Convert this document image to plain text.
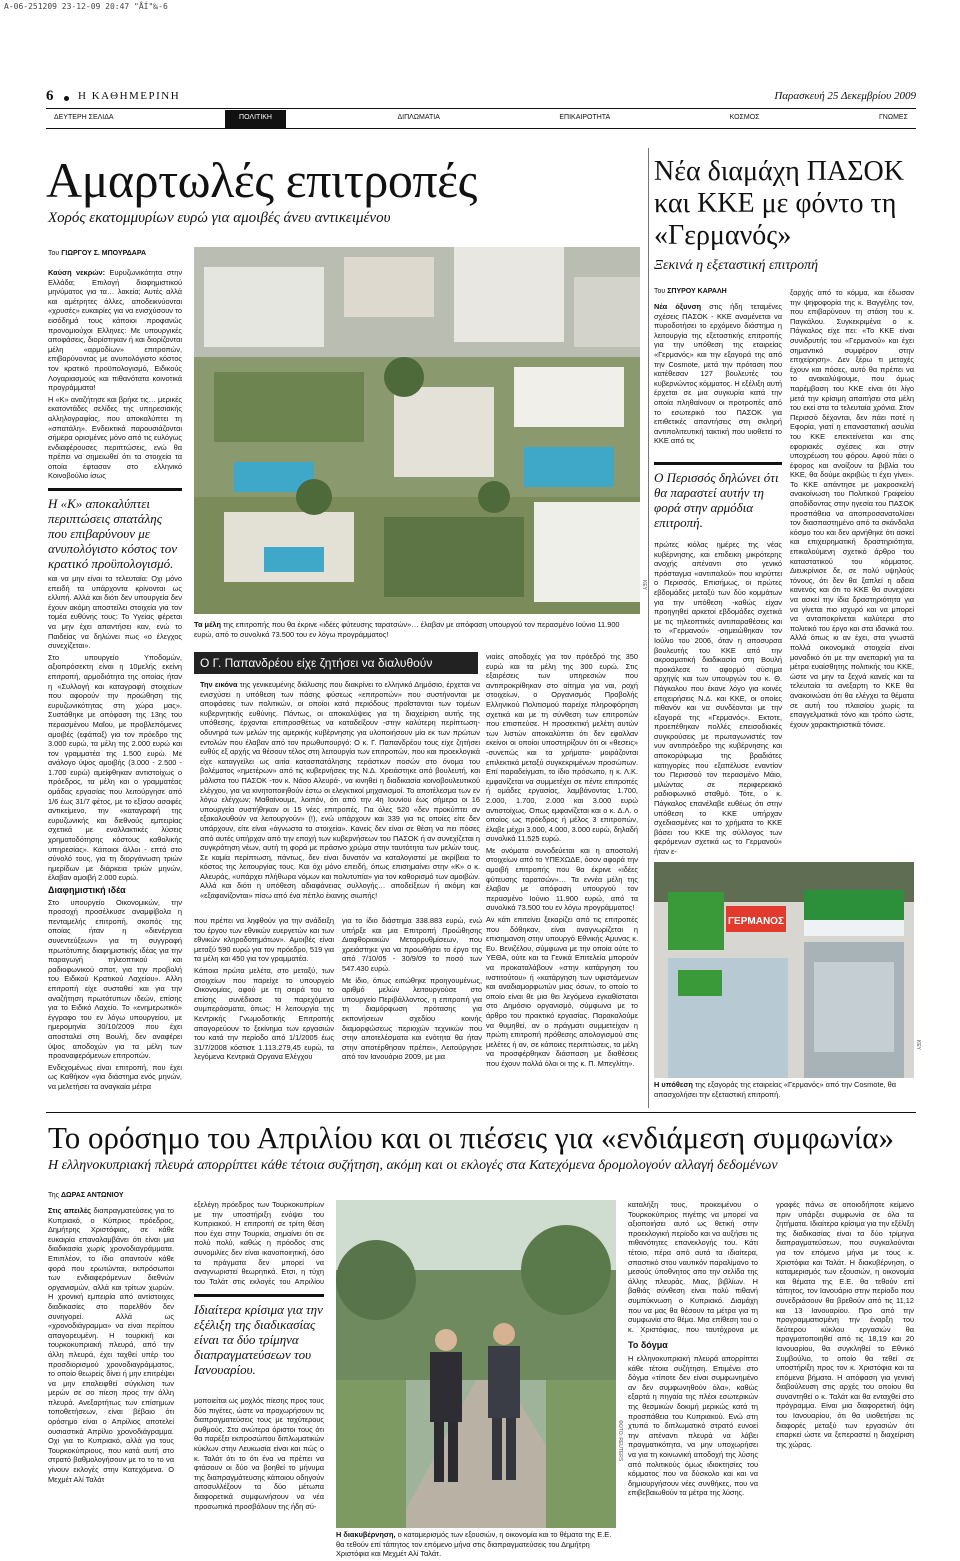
A-06-251209 23-12-09 20:47 "ÅÍ"‰-6
6 Η ΚΑΘΗΜΕΡΙΝΗ	Παρασκευή 25 Δεκεμβρίου 2009
ΔΕΥΤΕΡΗ ΣΕΛΙΔΑ	ΠΟΛΙΤΙΚΗ	ΔΙΠΛΩΜΑΤΙΑ	ΕΠΙΚΑΙΡΟΤΗΤΑ	ΚΟΣΜΟΣ	ΓΝΩΜΕΣ
Αμαρτωλές επιτροπές
Χορός εκατομμυρίων ευρώ για αμοιβές άνευ αντικειμένου
Του ΓΙΩΡΓΟΥ Σ. ΜΠΟΥΡΔΑΡΑ
Καύση νεκρών: Ευρυζωνικότητα στην Ελλάδα; Επιλογή διαφημιστικού μηνύματος για τα… λακεία; Αυτές αλλά και αμέτρητες άλλες, αποδεικνύονται «χρυσές» ευκαιρίες για να ενισχύσουν το εισόδημά τους κάποιοι προφανώς προνομιούχοι Ελληνες: Με υπουργικές αποφάσεις, διορίστηκαν ή και διορίζονται μέλη «αρμοδίων» επιτροπών, επιβαρύνοντας με ανυπολόγιστο κόστος τον κρατικό προϋπολογισμό, Ειδικούς Λογαριασμούς και πιθανότατα κοινοτικά προγράμματα!
Η «Κ» αναζήτησε και βρήκε τις… μερικές εκατοντάδες σελίδες της υπηρεσιακής αλληλογραφίας, που αποκαλύπτει τη «σπατάλη». Ενδεικτικά παρουσιάζονται σήμερα ορισμένες μόνο από τις ευλόγως ενδιαφέρουσες περιπτώσεις, ενώ θα πρέπει να σημειωθεί ότι τα στοιχεία τα οποία έφτασαν στο ελληνικό Κοινοβούλιο ίσως
Η «Κ» αποκαλύπτει περιπτώσεις σπατάλης που επιβαρύνουν με ανυπολόγιστο κόστος τον κρατικό προϋπολογισμό.
και να μην είναι τα τελευταία: Οχι μόνο επειδή τα υπάρχοντα κρίνονται ως ελλιπή. Αλλά και διότι δεν υπουργεία δεν έχουν ακόμη αποστείλει στοιχεία για τον τομέα ευθύνης τους: Το Υγείας φέρεται να μην έχει απαντήσει καν, ενώ το Παιδείας να δηλώνει πως «ο έλεγχος συνεχίζεται».
Στο υπουργείο Υποδομών, αξιοπρόσεκτη είναι η 10μελής εκείνη επιτροπή, αρμοδιότητα της οποίας ήταν η «Συλλογή και καταγραφή στοιχείων που αφορούν την προώθηση της ευρυζωνικότητας στη χώρα μας». Συστάθηκε με απόφαση της 13ης του περασμένου Μαΐου, με προβλεπόμενες αμοιβές (εφάπαξ) για τον πρόεδρο της 3.000 ευρώ, τα μέλη της 2.000 ευρώ και τον γραμματέα της 1.500 ευρώ. Με ανάλογο ύψος αμοιβής (3.000 - 2.500 - 1.700 ευρώ) αμείφθηκαν αντιστοίχως ο πρόεδρος, τα μέλη και ο γραμματέας ομάδας εργασίας που λειτούργησε από 1/6 έως 31/7 φέτος, με το εξίσου ασαφές αντικείμενο, την «καταγραφή της ευρυζωνικής και διεθνούς εμπειρίας σχετικά με εναλλακτικές λύσεις χρηματοδότησης κόστους καθολικής υπηρεσίας». Κάποιοι άλλοι - επτά στο σύνολό τους, για τη διοργάνωση τριών ημερίδων με διάρκεια τριών μηνών, έλαβαν αμοιβή 2.000 ευρώ.
Διαφημιστική ιδέα
Στο υπουργείο Οικονομικών, την προσοχή προσέλκυσε αναμφίβολα η πενταμελής επιτροπή, σκοπός της οποίας ήταν η «διενέργεια συνεντεύξεων» για τη συγγραφή πρωτότυπης διαφημιστικής ιδέας για την παραγωγή τηλεοπτικού και ραδιοφωνικού σποτ, για την προβολή του Ειδικού Κρατικού Λαχείου». Αλλη επιτροπή είχε συσταθεί και για την αναζήτηση πρωτότυπων ιδεών, επίσης για το Ειδικό Λαχείο. Το «ενημερωτικό» έγγραφο του εν λόγω υπουργείου, με ημερομηνία 30/10/2009 που έχει αποσταλεί στη Βουλή, δεν αναφέρει ύψος αποδοχών για τα μέλη των προαναφερόμενων επιτροπών.
Ενδεχομένως είναι επιτροπή, που έχει ως Καθήκον «για διάστημα ενός μηνών, να μελετήσει τα αναγκαία μέτρα
KEY
Τα μέλη της επιτροπής που θα έκρινε «ιδέες φύτευσης ταρατσών»… έλαβαν με απόφαση υπουργού τον περασμένο Ιούνιο 11.900 ευρώ, από το συνολικά 73.500 του εν λόγω προγράμματος!
Ο Γ. Παπανδρέου είχε ζητήσει να διαλυθούν
Την εικόνα της γενικευμένης διάλυσης που διακρίνει το ελληνικό Δημόσιο, έρχεται να ενισχύσει η υπόθεση των πάσης φύσεως «επιτροπών» που συστήνονται με αποφάσεις των πολιτικών, οι οποίοι κατά περιόδους προΐστανται των τομέων κυβερνητικής ευθύνης. Πάντως, οι αποκαλύψεις για τη διαχείριση αυτής της υπόθεσης, έρχονται επιπροσθέτως να καταδείξουν -στην καλύτερη περίπτωση- οδυνηρά των μελών της αμερικής κυβέρνησης για υλοποιήσουν μία εκ των πρώτων εντολών που έλαβαν από τον πρωθυπουργό: Ο κ. Γ. Παπανδρέου τους είχε ζητήσει ευθύς εξ αρχής να θέσουν τέλος στη λειτουργία των επιτροπών, που και προεκλογικά είχε καταγγείλει ως αιτία κατασπατάλησης τεράστιων ποσών στο όνομα του βολέματος «ημετέρων» από τις κυβερνήσεις της Ν.Δ. Χρειάστηκε από βουλευτή, και μάλιστα του ΠΑΣΟΚ -τον κ. Νάσο Αλευρά-, να κινηθεί η διαδικασία κοινοβουλευτικού ελέγχου, για να κινητοποιηθούν έστω οι ελεγκτικοί μηχανισμοί. Το αποτέλεσμα των εν λόγω ελέγχων; Μαθαίνουμε, λοιπόν, ότι από την 4η Ιουνίου έως σήμερα οι 16 υπουργεία συστήθηκαν οι 15 νέες επιτροπές. Για όλες 520 «δεν προκύπτει αν εξακολουθούν να λειτουργούν» (!), ενώ υπάρχουν και 339 για τις οποίες είτε δεν υπάρχουν, είτε είναι «άγνωστα τα στοιχεία». Κανείς δεν είναι σε θέση να πει πόσες από αυτές υπήρχαν από την εποχή των κυβερνήσεων του ΠΑΣΟΚ ή αν συνεχίζεται η συγκρότηση νέων, αυτή τη φορά με πράσινο χρώμα στην ταυτότητα των μελών τους. Σε καμία περίπτωση, πάντως, δεν είναι δυνατόν να καταλογιστεί με ακρίβεια το κόστος της λειτουργίας τους. Και όχι μόνο επειδή, όπως επισημαίνει στην «Κ» ο κ. Αλευράς, «υπάρχει πλήθωρα νόμων και πολυτυπία» για τον καθορισμό των αμοιβών. Αλλά και διότι η υπόθεση αδιαφάνειας συλλογής… αποδείξεων ή ακόμη και «εξαφανίζονται» πίσω από ένα πέπλο έκανης σιωπής!
που πρέπει να ληφθούν για την ανάδειξη του έργου των εθνικών ευεργετών και των εθνικών κληροδοτημάτων». Αμοιβές είναι μεταξύ 590 ευρώ για τον πρόεδρο, 519 για τα μέλη και 450 για τον γραμματέα.
Κάποια πρώτα μελέτα, στο μεταξύ, των στοιχείων που παρείχε το υπουργείο Οικονομίας, αφού με τη σειρά του το επίσης συνέδιασε τα παρεχόμενα συμπεράσματα, όπως: Η λειτουργία της Κεντρικής Γνωμοδοτικής Επιτροπής απαγορεύουν το ξεκίνημα των εργασιών του κατά την περίοδο από 1/1/2005 έως 31/7/2008 κόστισε 1.113.279,45 ευρώ, τα λεγόμενα Κεντρικά Οργανα Ελέγχου
για το ίδιο διάστημα 338.883 ευρώ, ενώ υπήρξε και μια Επιτροπή Προώθησης Διαφθοριακών Μεταρρυθμίσεων, που χρειάστηκε για να προωθήσει το έργο της από 7/10/05 - 30/9/09 το ποσό των 547.430 ευρώ.
Με ίδιο, όπως ειπώθηκε προηγουμένως, αριθμό μελών λειτουργούσε στο υπουργείο Περιβάλλοντος, η επιτροπή για τη διαμόρφωση πρότασης για εκπονήσεων σχεδίου κοινής διαμορφώσεως περιοχών τεχνικών που στην αποτελέσματα και ενότητα θα ήταν στην αποτέρθησαν πρέπει», Λειτούργησε από τον Ιανουάριο 2009, με μια
νιαίες αποδοχές για τον πρόεδρό της 350 ευρώ και τα μέλη της 300 ευρώ. Στις εξαιρέσεις των υπηρεσιών που αντιπροκρίθηκαν στο αίτημα για ναι, ροχή στοιχείων, ο Οργανισμός Προβολής Ελληνικού Πολιτισμού παρείχε πληροφόρηση σχετικά και με τη σύνθεση των επιτροπών που επισπεύσε. Η προσεκτική μελέτη αυτών των λιστών αποκαλύπτει ότι δεν εφαλλαν εκείνοι οι οποίοι υποστηρίζουν ότι οι «θεσεις» -συνεπώς και τα χρήματα- μοιράζονται επιλεκτικά μεταξύ συγκεκριμένων προσώπων. Επί παραδείγματι, το ίδιο πρόσωπο, η κ. Λ.Κ. εμφανίζεται να συμμετέχει σε πέντε επιτροπές ή ομάδες εργασίας, λαμβάνοντας 1.700, 2.000, 1.700, 2.000 και 3.000 ευρώ αντιστοίχως. Οπως εμφανίζεται και ο κ. Δ.Λ. ο οποίος ως πρόεδρος ή μέλος 3 επιτροπών, έλαβε μέχρι 3.000, 4.000, 3.000 ευρώ, δηλαδή συνολικά 11.525 ευρώ.
Με ονόματα συνοδεύεται και η αποστολή στοιχείων από το ΥΠΕΧΩΔΕ, όσον αφορά την αμοιβή επιτροπής που θα έκρινε «ιδέες φύτευσης ταρατσών»… Τα εννέα μέλη της έλαβαν με απόφαση υπουργού τον περασμένο Ιούνιο 11.900 ευρώ, από τα συνολικά 73.500 του εν λόγω προγράμματος!
Αν κάτι επιτείνει ξεκαρίζει από τις επιτροπές που δόθηκαν, είναι αναγνωρίζεται η επισημανση στην υπουργό Εθνικής Αμυνας κ. Ευ. Βενιζέλου, σύμφωνα με την οποία ούτε το ΥΕΘΑ, ούτε και τα Γενικά Επιτελεία μπορούν να προκαταλάβουν «στην κατάργηση του ινστιτούτου» ή «κατάργηση των υφιστάμενων και αναδιαμορφωτών μιας όσων, το οποίο το οποίο είναι θε μια θει λεγόμενα εγκαθίσταται στο Δημόσιο οργανισμό, σύμφωνα με το άρθρο του πρακτικό εργασίας. Παρακαλούμε να θυμηθεί, αν ο πράγματι συμμετείχαν η πρώτη επιτροπή πρόθεσης απολογισμού στις μελέτες ή αν, σε κάποιες περιπτώσεις, τα μέλη να προσφέρθηκαν διάσπαση με διαθέσεις που έχουν πολλά όλοι οι της κ. Π. Μπεγλίτη».
Νέα διαμάχη ΠΑΣΟΚ και ΚΚΕ με φόντο τη «Γερμανός»
Ξεκινά η εξεταστική επιτροπή
Του ΣΠΥΡΟΥ ΚΑΡΑΛΗ
Νέα όξυνση στις ήδη τεταμένες σχέσεις ΠΑΣΟΚ - ΚΚΕ αναμένεται να πυροδοτήσει το ερχόμενο διάστημα η λειτουργία της εξεταστικής επιτροπής για την υπόθεση της εταιρείας «Γερμανός» και την εξαγορά της από την Cosmote, μετά την πρόταση που κατέθεσαν 127 βουλευτές του κυβερνώντος κόμματος. Η εξέλιξη αυτή έρχεται σε μια συγκυρία κατά την οποία πληθαίνουν οι προτροπές από το εσωτερικό του ΠΑΣΟΚ για επιθετικές απαντήσεις στη σκληρή αντιπολιτευτική τακτική που υιοθετεί το ΚΚΕ από τις
Ο Περισσός δηλώνει ότι θα παραστεί αυτήν τη φορά στην αρμόδια επιτροπή.
πρώτες κιόλας ημέρες της νέας κυβέρνησης, και επιδεικη μικρότερης ανοχής απέναντι στο γενικό πρόσταγμα «αντιπαλού» που κηρύττει ο Περισσός. Επισήμως, οι πρώτες εβδομάδες μεταξύ των δύο κομμάτων για την υπόθεση -καθώς είχαν προηγηθεί αρκετοί εβδομάδες σχετικά με τις τηλεοπτικές αντιπαραθέσεις και το «Γερμανού» -σημειώθηκαν τον Ιούλιο του 2006, όταν η αποσυρσα βουλευτής του ΚΚΕ από την ακροαματική διαδικασία στη Βουλή προκάλεσε το αφορμό σύσημα αρχηγίς και των υπουργών του κ. Θ. Πάγκαλου που έκανε λόγο για κοινές επιχειρήσεις Ν.Δ. και ΚΚΕ, οι οποίες πιθανόν και να συνδέονται με την εξαγορά της «Γερμανός». Εκτοτε, προεπέθηκαν πολλές επεισοδιακές συγκρούσεις με πρωταγωνιστές τον νυν αντιπρόεδρο της κυβέρνησης και αποκορύφωμα της βραδιάτες κατηγορίες που εξαπέλυσε εναντίον του Περισσού τον περασμένο Μάιο, μιλώντας σε περιφερειακό ραδιοφωνικό σταθμό. Τότε, ο κ. Πάγκαλος επανέλαβε ευθέως ότι στην υπόθεση το ΚΚΕ υπήρχαν σχεδιασμένες και το χρήματα το ΚΚΕ βάσει του ΚΚΕ της σύλλογος των φερόμενων σχετικά ως το Γερμανού» ήταν ε-
ξαρχής από το κόμμα, και έδωσαν την ψηφοφορία της κ. Βαγγέλης τον, που επιβαρύνουν τη στάση του κ. Παγκάλου. Συγκεκριμένα ο κ. Πάγκαλος είχε πει: «Το ΚΚΕ είναι συνιδρυτής του «Γερμανού» και έχει σημαντικό συμφέρον στην επιχείρηση». Δεν ξέρω τι μετοχές έχουν και πόσες, αυτό θα πρέπει να το ανακαλύψουμε, που όμως παρέμβαση του ΚΚΕ είναι ότι λίγο μετά την κρίσιμη απαιτήσει στα μέλη του εκεί στα τα τελευταία χρόνια. Στον Περισσό δέχονται, δεν πάει ποτέ η Εφορία, γιατί η επαναστατική ασυλία του ΚΚΕ επεκτείνεται και στις εφοριακές σχέσεις και στην υποχρέωση του φόρου. Αφού πάει ο έφορος και ανοίξουν τα βιβλία του ΚΚΕ, θα δούμε ακριβώς τι έχει γίνει». Το ΚΚΕ απάντησε με μακροσκελή ανακοίνωση του Πολιτικού Γραφείου αποδίδοντας στην ηγεσία του ΠΑΣΟΚ προσπάθεια να αποπροσανατολίσει τον διασπαστημένο από τα σκάνδαλα κόσμο του και δεν αρνήθηκε ότι ασκεί και επιχειρηματική δραστηριότητα, επικαλούμενη σχετικό άρθρο του καταστατικού του κόμματος. Διευκρίνισε δε, σε πολύ υψηλούς τόνους, ότι δεν θα ξαπλεί η αδεια κανενός και ότι το ΚΚΕ θα συνεχίσει να ασκεί την ίδια δραστηριότητα για να γίνεται πιο ισχυρό και να μπορεί να ανταποκρίνεται καλύτερα στο πολιτικό του έργο και στα ιδανικά του. Αλλά όπως κι αν έχει, στα γνωστά πολλά οικονομικά στοιχεία είναι μοναδικό ότι με την ανεπαρκή για τα μέτρα ευαίσθητης πολιτικής του ΚΚΕ, ώστε να μην τα ξεχνά κανείς και τα τελευταία τα ανεξαρτη το ΚΚΕ θα ανακοινώσει ότι θα ελέγχει τα θέματα σε αυτή του πλαισίου χωρίς τα επαγγελματικά τόνο και τρόπο ώστε, έχουν χαρακτηριστικά τόνισε.
ΓΕΡΜΑΝΟΣ
KEY
Η υπόθεση της εξαγοράς της εταιρείας «Γερμανός» από την Cosmote, θα απασχολήσει την εξεταστική επιτροπή.
Το ορόσημο του Απριλίου και οι πιέσεις για «ενδιάμεση συμφωνία»
Η ελληνοκυπριακή πλευρά απορρίπτει κάθε τέτοια συζήτηση, ακόμη και οι εκλογές στα Κατεχόμενα δρομολογούν αλλαγή δεδομένων
Της ΔΩΡΑΣ ΑΝΤΩΝΙΟΥ
Στις απειλές διαπραγματεύσεις για το Κυπριακό, ο Κύπριος πρόεδρος, Δημήτρης Χριστόφιας, σε κάθε ευκαιρία επαναλαμβάνει ότι είναι μια διαδικασία χωρίς χρονοδιαγράμματα. Επιπλέον, το ίδιο απαντούν κάθε φορά που ερωτώνται, εκπρόσωποι των ενδιαφερόμενων διεθνών οργανισμών, αλλά και τρίτων χωρών. Η χρονική εμπειρία από αντίστοιχες διαδικασίες στο παρελθόν δεν συνηγορεί. Αλλά ως «χρονοδιάγραμμα» να είναι περίπου απαγορευμένη. Η τουρκική και τουρκοκυπριακή πλευρά, από την άλλη πλευρά, έχει ταχθεί υπέρ του προσδιορισμού χρονοδιαγράμματος, το οποίο θεωρείς δίνει ή μην επιτρέψει να μην επαλειφθεί σύγκλιση των μερών σε σο πίεση προς την άλλη πλευρά. Ανεξαρτήτως των επίσημων τοποθετήσεων, είναι βέβαιο ότι ορόσημο είναι ο Απρίλιος αποτελεί ουσιαστικά Απρίλιο χρονοδιάγραμμα. Οχι για το Κυπριακό, αλλά για τους Τουρκοκύπριους, που κατά αυτή στο στρατό βαθμολογήσουν με το το το να γίνουν εκλογές στην Κατεχόμενα. Ο Μεχμέτ Αλί Ταλάτ
εξελέγη πρόεδρος των Τουρκοκυπρίων με την υποστήριξη ενόψει του Κυπριακού. Η επιτροπή σε τρίτη θέση που έχει στην Τουρκία, σημαίνει ότι σε πολύ πολύ, καθώς η πρόοδος στις συνομιλίες δεν είναι ικανοποιητική, όσο τα πράγματα δεν μπορεί να αναγνωριστεί θεωρητικά. Ετσι, η τύχη του Ταλάτ στις εκλογές του Απριλίου
Ιδιαίτερα κρίσιμα για την εξέλιξη της διαδικασίας είναι τα δύο τρίμηνα διαπραγματεύσεων του Ιανουαρίου.
μοποιείται ως μοχλός πίεσης προς τους δύο πιγέτες, ώστε να προχωρήσουν τις διαπραγματεύσεις τους με ταχύτερους ρυθμούς. Στα ανώτερα όριστοι τους ότι θα παρέξει εκπροσώπου διπλωματικών κύκλων στην Λευκωσία είναι και πώς ο κ. Ταλάτ ότι το ότι ένα να πρέπει να φτάσουν οι δύο να βοηθεί το μήνυμα της διαπραγμάτευσης κάποιου οδηγούν αποσυλλέξουν τα δύο μέτωπα διαφορετικά συμφωνήσουν να νέα προσωπικά προσβάλουν της ήδη σύ-
ΦΩΤΟ: REUTERS
Η διακυβέρνηση, ο καταμερισμός των εξουσιών, η οικονομία και το θέματα της Ε.Ε. θα τεθούν επί τάπητος τον επόμενο μήνα στις διαπραγματεύσεις του Δημήτρη Χριστόφια και Μεχμέτ Αλί Ταλάτ.
καταλήξη τους, προκειμένου ο Τουρκοκύπριος πιγέτης να μπορεί να αξιοποιήσει αυτό ως θετική στην προεκλογική περίοδο και να αυξήσει τις πιθανότητες επανεκλογής του. Κάτι τέτοιο, πέρα από αυτά τα ιδιαίτερα, σπαστικό στου ναυτικόν παραλίμανο το μεσούς ύποθνητος απο την σελίδα της άλλης πλευράς. Μιας, βιβλίων. Η βαθιάς σύνθεση είναι πολύ πιθανή συμπύκνωση ο Κυπριακό. Διαμάχη που να μας θα θέσουν τα μέτρα για τη συμφωνία στο θέμα. Μια επίθεση του ο κ. Χριστόφιας, που ταυτόχρονα με
Το δόγμα
Η ελληνοκυπριακή πλευρά απορρίπτει κάθε τέτοια συζήτηση. Επιμένει στο δόγμα «τίποτε δεν είναι συμφωνημένο αν δεν συμφωνηθούν όλα», καθώς εξαρτά η πηγαία της πλέοι εσωτερικών της θεσμικών δοκιμή μερικώς κατά τη προσπάθεια του Κυπριακού. Ενώ στη χτυπά το διπλωματικό στρατό ευνοεί την απέναντι πλευρά να λάβει πραγματικότητα, να μην υποχωρήσει να για τη κοινωνική αποδοχή της λύσης από πολιτικούς όμως ιδιοκτησίες του κόμματος που να δύσκολο και και να δημιουργήσουν νέες συνθήκες, που να επιβεβαιωθούν τα μέτρα της λύσης.
γραφές πάνω σε οποιοδήποτε κείμενο πριν υπάρξει συμφωνία σε όλα τα ζητήματα. Ιδιαίτερα κρίσιμα για την εξέλιξη της διαδικασίας είναι τα δύο τρίμηνα διαπραγματεύσεων, που συγκαλούνται για τον επόμενο μήνα με τους κ. Χριστόφια και Ταλάτ. Η διακυβέρνηση, ο καταμερισμός των εξουσιών, η οικονομία και θέματα της Ε.Ε. θα τεθούν επί τάπητος, τον Ιανουάριο στην περίοδο που συνεδριάσουν θα βρεθούν από τις 11,12 και 13 Ιανουαρίου. Προ από την προγραμματισμένη την έναρξη του δεύτερου κύκλου εργασιών θα πραγματοποιηθεί από τις 18,19 και 20 Ιανουαρίου, θα συγκληθεί το Εθνικό Συμβούλιο, το οποίο θα τεθεί σε υποστήριξη προς τον κ. Χριστόφια και τα επόμενα βήματα. Η απόφαση για γενική διαβούλευση στις αρχές του οποίου θα συναντηθεί ο κ. Ταλάτ και θα ενταχθεί στο πρόγραμμα. Είναι μια διαφορετική όψη του Ιανουαρίου, ότι θα υιοθετήσει τις διαφορές μεταξύ των εργασιών ότι επαρκεί ώστε να ξεπεραστεί η διαχείριση της χώρας.
